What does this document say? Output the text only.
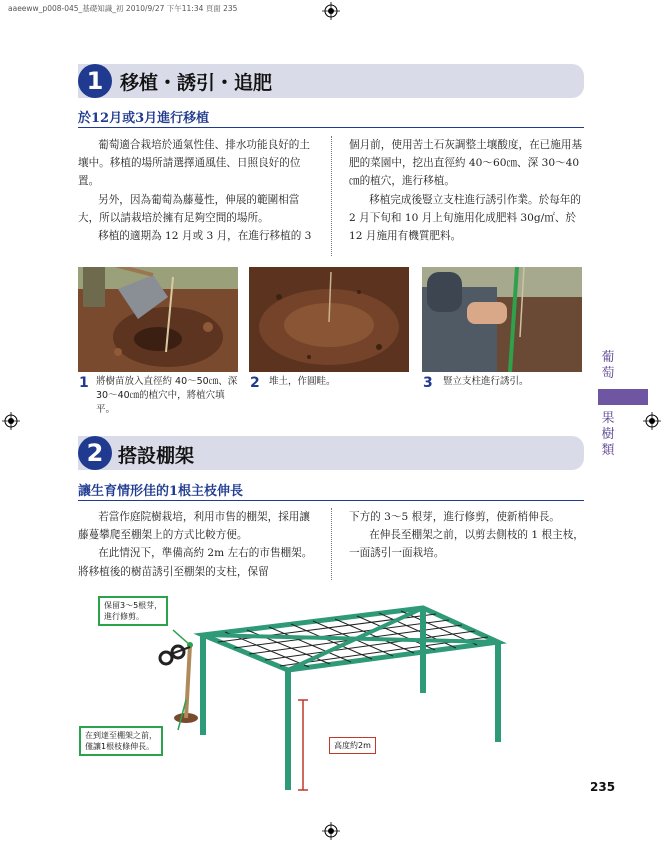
aaeeww_p008-045_基礎知識_初 2010/9/27 下午11:34 頁面 235
1 移植・誘引・追肥
於12月或3月進行移植

葡萄適合栽培於通氣性佳、排水功能良好的土壤中。移植的場所請選擇通風佳、日照良好的位置。

另外，因為葡萄為藤蔓性，伸展的範圍相當大，所以請栽培於擁有足夠空間的場所。

移植的適期為 12 月或 3 月，在進行移植的 3

個月前，使用苦土石灰調整土壤酸度，在已施用基肥的菜園中，挖出直徑約 40～60㎝、深 30～40㎝的植穴，進行移植。

移植完成後豎立支柱進行誘引作業。於每年的 2 月下旬和 10 月上旬施用化成肥料 30g/㎡、於 12 月施用有機質肥料。

1 將樹苗放入直徑約 40～50㎝、深 30～40㎝的植穴中，將植穴填平。
2 堆土，作圓畦。	3 豎立支柱進行誘引。
葡萄
果樹類
2 搭設棚架
讓生育情形佳的1根主枝伸長

若當作庭院樹栽培，利用市售的棚架，採用讓藤蔓攀爬至棚架上的方式比較方便。

在此情況下，準備高約 2m 左右的市售棚架。將移植後的樹苗誘引至棚架的支柱，保留

下方的 3～5 根芽，進行修剪，使新梢伸長。

在伸長至棚架之前，以剪去側枝的 1 根主枝，一面誘引一面栽培。

保留3～5根芽，
進行修剪。
在到達至棚架之前，
僅讓1根枝條伸長。	高度約2m
235
